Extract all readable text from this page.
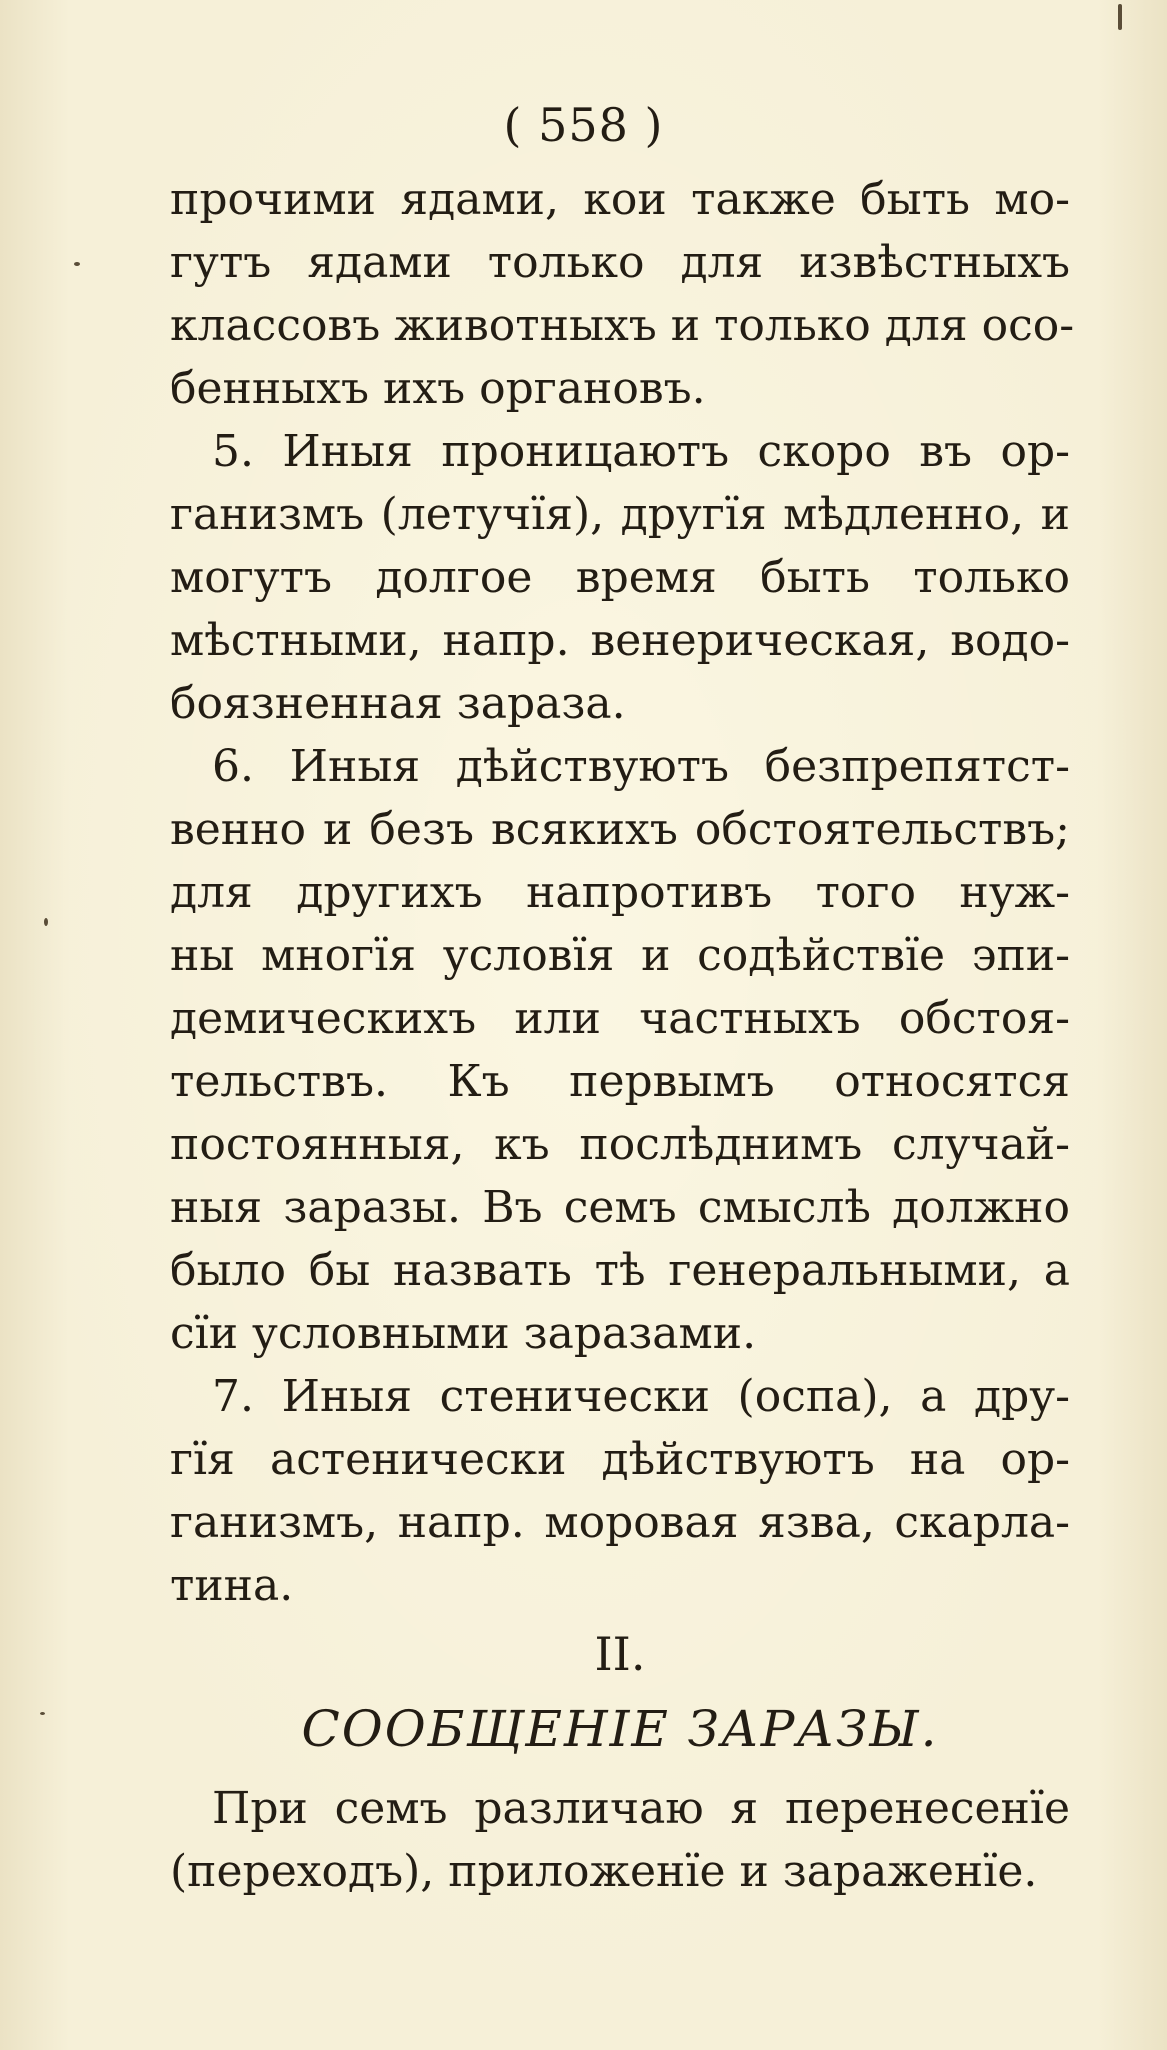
( 558 )
прочими ядами, кои также быть мо-
гутъ ядами только для извѣстныхъ
классовъ животныхъ и только для осо-
бенныхъ ихъ органовъ.
5. Иныя проницаютъ скоро въ ор-
ганизмъ (летучїя), другїя мѣдленно, и
могутъ долгое время быть только
мѣстными, напр. венерическая, водо-
боязненная зараза.
6. Иныя дѣйствуютъ безпрепятст-
венно и безъ всякихъ обстоятельствъ;
для другихъ напротивъ того нуж-
ны многїя условїя и содѣйствїе эпи-
демическихъ или частныхъ обстоя-
тельствъ. Къ первымъ относятся
постоянныя, къ послѣднимъ случай-
ныя заразы. Въ семъ смыслѣ должно
было бы назвать тѣ генеральными, а
сїи условными заразами.
7. Иныя стенически (оспа), а дру-
гїя астенически дѣйствуютъ на ор-
ганизмъ, напр. моровая язва, скарла-
тина.
II.
СООБЩЕНIЕ ЗАРАЗЫ.
При семъ различаю я перенесенїе
(переходъ), приложенїе и зараженїе.
